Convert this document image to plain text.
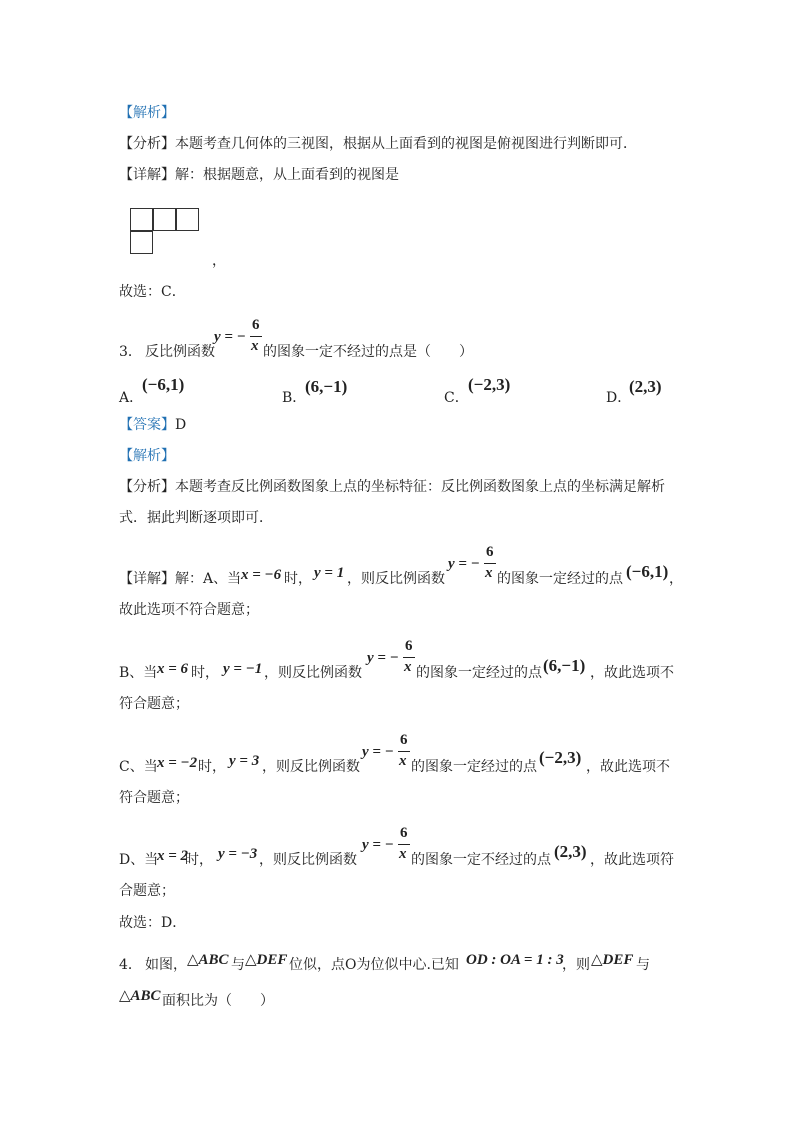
【解析】
【分析】本题考查几何体的三视图，根据从上面看到的视图是俯视图进行判断即可．
【详解】解：根据题意，从上面看到的视图是
，
故选：C．
3． 反比例函数
y = −
6
x 的图象一定不经过的点是（　　）
A．
(−6,1)
B．
(6,−1)
C．
(−2,3)
D．
(2,3)
【答案】D
【解析】
【分析】本题考查反比例函数图象上点的坐标特征：反比例函数图象上点的坐标满足解析
式．据此判断逐项即可．
【详解】解：A、当 x = −6 时， y = 1 ，则反比例函数
y = −
6
x 的图象一定经过的点 (−6,1) ，
故此选项不符合题意；
B、当 x = 6 时， y = −1 ，则反比例函数
y = −
6
x 的图象一定经过的点 (6,−1) ，故此选项不
符合题意；
C、当 x = −2 时， y = 3 ，则反比例函数
y = −
6
x 的图象一定经过的点 (−2,3) ，故此选项不
符合题意；
D、当
x = 2
时， y = −3 ，则反比例函数
y = −
6
x 的图象一定不经过的点 (2,3) ，故此选项符
合题意；
故选：D．
4． 如图， △ABC 与 △DEF 位似，点O为位似中心.已知 OD : OA = 1 : 3
，则 △DEF 与
△ABC 面积比为（　　）
